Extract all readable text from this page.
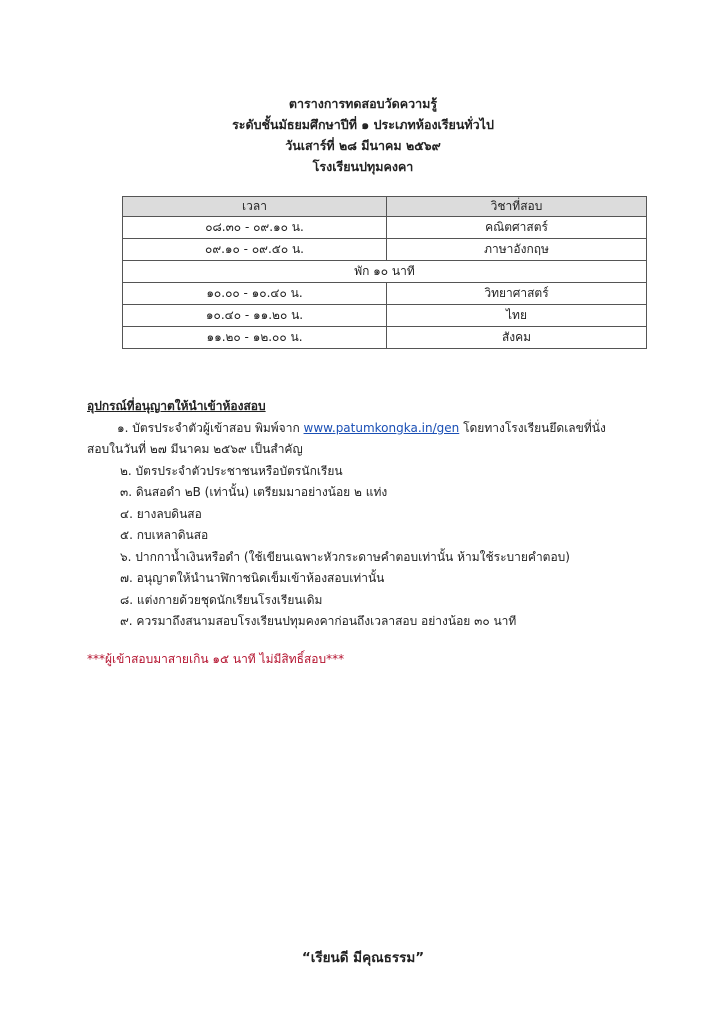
ตารางการทดสอบวัดความรู้
ระดับชั้นมัธยมศึกษาปีที่ ๑ ประเภทห้องเรียนทั่วไป
วันเสาร์ที่ ๒๘ มีนาคม ๒๕๖๙
โรงเรียนปทุมคงคา
เวลา	วิชาที่สอบ
๐๘.๓๐ - ๐๙.๑๐ น.	คณิตศาสตร์
๐๙.๑๐ - ๐๙.๕๐ น.	ภาษาอังกฤษ
พัก ๑๐ นาที	
๑๐.๐๐ - ๑๐.๔๐ น.	วิทยาศาสตร์
๑๐.๔๐ - ๑๑.๒๐ น.	ไทย
๑๑.๒๐ - ๑๒.๐๐ น.	สังคม
อุปกรณ์ที่อนุญาตให้นำเข้าห้องสอบ
๑. บัตรประจำตัวผู้เข้าสอบ พิมพ์จาก www.patumkongka.in/gen โดยทางโรงเรียนยึดเลขที่นั่ง
สอบในวันที่ ๒๗ มีนาคม ๒๕๖๙ เป็นสำคัญ
๒. บัตรประจำตัวประชาชนหรือบัตรนักเรียน
๓. ดินสอดำ ๒B (เท่านั้น) เตรียมมาอย่างน้อย ๒ แท่ง
๔. ยางลบดินสอ
๕. กบเหลาดินสอ
๖. ปากกาน้ำเงินหรือดำ (ใช้เขียนเฉพาะหัวกระดาษคำตอบเท่านั้น ห้ามใช้ระบายคำตอบ)
๗. อนุญาตให้นำนาฬิกาชนิดเข็มเข้าห้องสอบเท่านั้น
๘. แต่งกายด้วยชุดนักเรียนโรงเรียนเดิม
๙. ควรมาถึงสนามสอบโรงเรียนปทุมคงคาก่อนถึงเวลาสอบ อย่างน้อย ๓๐ นาที
***ผู้เข้าสอบมาสายเกิน ๑๕ นาที ไม่มีสิทธิ์สอบ***
“เรียนดี มีคุณธรรม”
